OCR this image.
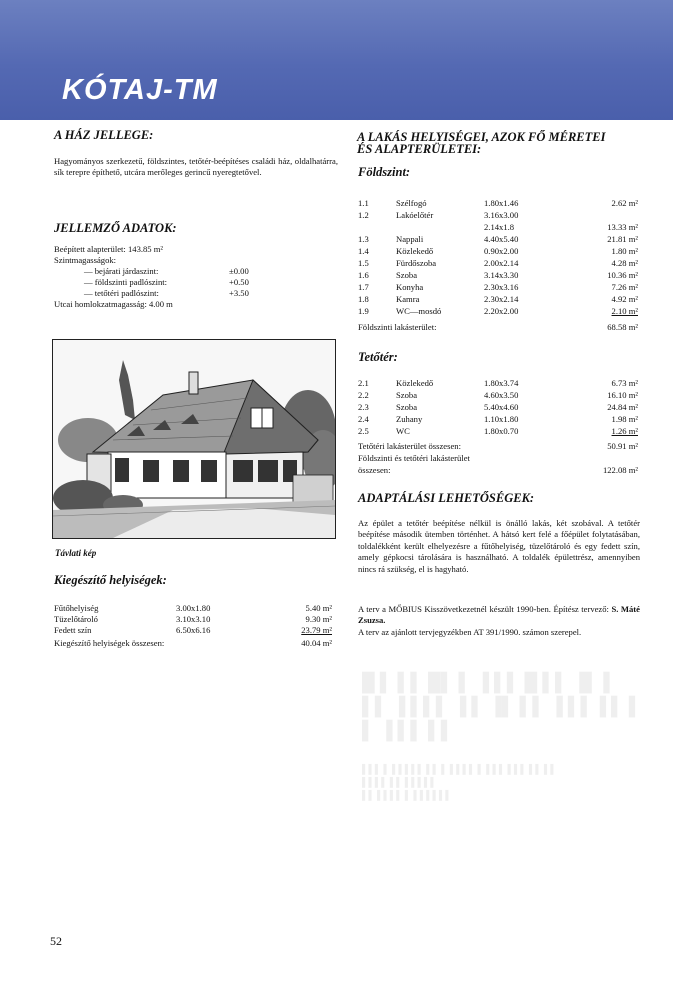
KÓTAJ-TM
A HÁZ JELLEGE:
Hagyományos szerkezetű, földszintes, tetőtér-beépítéses családi ház, oldalhatárra, sík terepre építhető, utcára merőleges gerincű nyeregtetővel.
JELLEMZŐ ADATOK:
Beépített alapterület: 143.85 m²
Szintmagasságok:
— bejárati járdaszint:	±0.00
— földszinti padlószint:	+0.50
— tetőtéri padlószint:	+3.50
Utcai homlokzatmagasság: 4.00 m
Távlati kép
Kiegészítő helyiségek:
Fűtőhelyiség	3.00x1.80	5.40 m²
Tüzelőtároló	3.10x3.10	9.30 m²
Fedett szín	6.50x6.16	23.79 m²
Kiegészítő helyiségek összesen:	40.04 m²
A LAKÁS HELYISÉGEI, AZOK FŐ MÉRETEI
ÉS ALAPTERÜLETEI:
Földszint:
1.1	Szélfogó	1.80x1.46	2.62 m²
1.2	Lakóelőtér	3.16x3.00
2.14x1.8	13.33 m²
1.3	Nappali	4.40x5.40	21.81 m²
1.4	Közlekedő	0.90x2.00	1.80 m²
1.5	Fürdőszoba	2.00x2.14	4.28 m²
1.6	Szoba	3.14x3.30	10.36 m²
1.7	Konyha	2.30x3.16	7.26 m²
1.8	Kamra	2.30x2.14	4.92 m²
1.9	WC—mosdó	2.20x2.00	2.10 m²
Földszinti lakásterület:	68.58 m²
Tetőtér:
2.1	Közlekedő	1.80x3.74	6.73 m²
2.2	Szoba	4.60x3.50	16.10 m²
2.3	Szoba	5.40x4.60	24.84 m²
2.4	Zuhany	1.10x1.80	1.98 m²
2.5	WC	1.80x0.70	1.26 m²
Tetőtéri lakásterület összesen:	50.91 m²
Földszinti és tetőtéri lakásterület
összesen:	122.08 m²
ADAPTÁLÁSI LEHETŐSÉGEK:
Az épület a tetőtér beépítése nélkül is önálló lakás, két szobával. A tetőtér beépítése második ütemben történhet. A hátsó kert felé a főépület folytatásában, toldalékként került elhelyezésre a fűtőhelyiség, tüzelőtároló és egy fedett szín, amely gépkocsi tárolására is használható. A toldalék épülettrész, amennyiben nincs rá szükség, el is hagyható.
A terv a MŐBIUS Kisszövetkezetnél készült 1990-ben. Építész tervező: S. Máté Zsuzsa.
A terv az ajánlott tervjegyzékben AT 391/1990. számon szerepel.
█ ▌ ▌▌ █▌ ▌ ▐ ▌▌ █ ▌▌ ▐▌ ▌
▌▌ ▐ ▌▌▌ ▐ ▌ ▐▌ ▌▌ ▐ ▌▌▐ ▌ ▌
▌ ▐ ▌▌ ▌▌
▌▌▌ ▌ ▌▌▌▌▌ ▌▌ ▌ ▌▌▌▌ ▌ ▌▌▌ ▌▌▌ ▌▌ ▌▌
▌▌▌▌ ▌▌ ▌▌▌▌▌
▌▌ ▌▌▌▌ ▌ ▌▌▌▌▌▌
52
